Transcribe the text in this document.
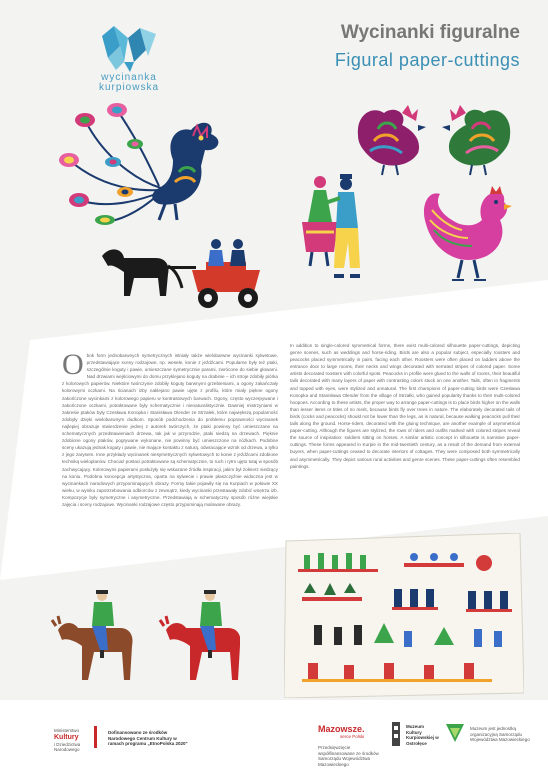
wycinanka
kurpiowska
Wycinanki figuralne
Figural paper-cuttings
Obok form jednobarwnych symetrycznych istniały także wielobarwne wycinanki sylwetowe, przedstawiające sceny rodzajowe, np. wesele, konie z jeźdźcami. Popularne były też ptaki, szczególnie koguty i pawie, umieszczane symetrycznie parami, zwrócone do siebie głowami. Nad drzwiami wejściowymi do domu przyklejano koguty na drabinie – ich stroje zdobiły piórka z kolorowych papierów. Niektóre twórczynie zdobiły koguty barwnymi grzebieniami, a ogony zakańczały kolorowymi oczkami. Na ścianach izby naklejano pawie ujęte z profilu, które miały piękne ogony zakończone wycinkami z kolorowego papieru w kontrastowych barwach. Ogony, często wyczerpywane i zakończone oczkami, potraktowane były schematycznie i nienaturalistycznie. Dawniej mistrzyniami w zakresie ptaków były Czesława Konopka i Stanisława Olender ze Strzałek, które największą popularność zdobyły dzięki wielobarwnym dudkom. Sposób podchodzenia do problemu poprawności wycinanek najlepiej obrazuje stwierdzenie jednej z autorek twórczych, że ptaki powinny być umieszczane na schematycznych przedstawieniach drzewa, tak jak w przyrodzie, ptaki siedzą na drzewach. Pięknie zdobione ogony ptaków, pogrywane wykonane, nie powinny być umieszczone na nóżkach. Podobne sceny ukazują jednak koguty i pawie, nie mające kontaktu z naturą, odwracające wzrok od drzewa, a tylko z jego zarysem. Inne przykłady wycinanek niesymetrycznych sylwetowych to konie z jeźdźcami zdobione techniką wieloplanów. Chociaż postaci potraktowane są schematycznie, to ruch i rytm ujęto tutaj w sposób zachwycający. Kolorowymi papierami posłużyły się wskazane źródła inspiracji, jakim był żołnierz siedzący na koniu. Podobna koncepcja artystyczna, oparta na sylwecie i prawie płaszczyźnie widoczna jest w wycinankach narodowych przypominających obrazy. Formy takie pojawiły się na Kurpiach w połowie XX wieku, w wyniku zapotrzebowania odbiorców z zewnątrz, kiedy wycinanki przestawały zdobić wnętrza izb. Kompozycje były symetryczne i asymetryczne. Przedstawiają w schematyczny sposób różne wiejskie zajęcia i sceny rodzajowe. Wycinanki rodzajowe często przypominają malowane obrazy.
In addition to single-colored symmetrical forms, there exist multi-colored silhouette paper-cuttings, depicting genre scenes, such as weddings and horse-riding. Birds are also a popular subject, especially roosters and peacocks placed symmetrically in pairs, facing each other. Roosters were often placed on ladders above the entrance door to large rooms, their necks and wings decorated with serrated stripes of colored paper. Some artists decorated roosters with colorful spots. Peacocks in profile were glued to the walls of rooms, their beautiful tails decorated with many layers of paper with contrasting colors stuck on one another. Tails, often in fragments and topped with eyes, were stylized and unnatural. The first champions of paper-cutting birds were Czesława Konopka and Stanisława Olender from the village of Strzałki, who gained popularity thanks to their multi-colored hoopoes. According to these artists, the proper way to arrange paper-cuttings is to place birds higher on the walls than lesser items or titles of no merit, because birds fly over trees in nature. The elaborately decorated tails of birds (cocks and peacocks) should not be lower than the legs, as is natural, because walking peacocks pull their tails along the ground. Horse-riders, decorated with the gluing technique, are another example of asymmetrical paper-cutting. Although the figures are stylized, the rows of riders and outfits marked with colored stripes reveal the source of inspiration: soldiers sitting on horses. A similar artistic concept in silhouette is narrative paper-cuttings. These forms appeared in Kurpie in the mid-twentieth century, as a result of the demand from external buyers, when paper-cuttings ceased to decorate interiors of cottages. They were composed both symmetrically and asymmetrically. They depict various rural activities and genre scenes. These paper-cuttings often resembled paintings.
Ministerstwo
Kultury
i Dziedzictwa Narodowego
Dofinansowano ze środków Narodowego Centrum Kultury w ramach programu „EtnoPolska 2020"
Mazowsze.
serce Polski
Przedsięwzięcie współfinansowane ze środków Samorządu Województwa Mazowieckiego
Muzeum Kultury Kurpiowskiej w Ostrołęce
Muzeum jest jednostką organizacyjną Samorządu Województwa Mazowieckiego
